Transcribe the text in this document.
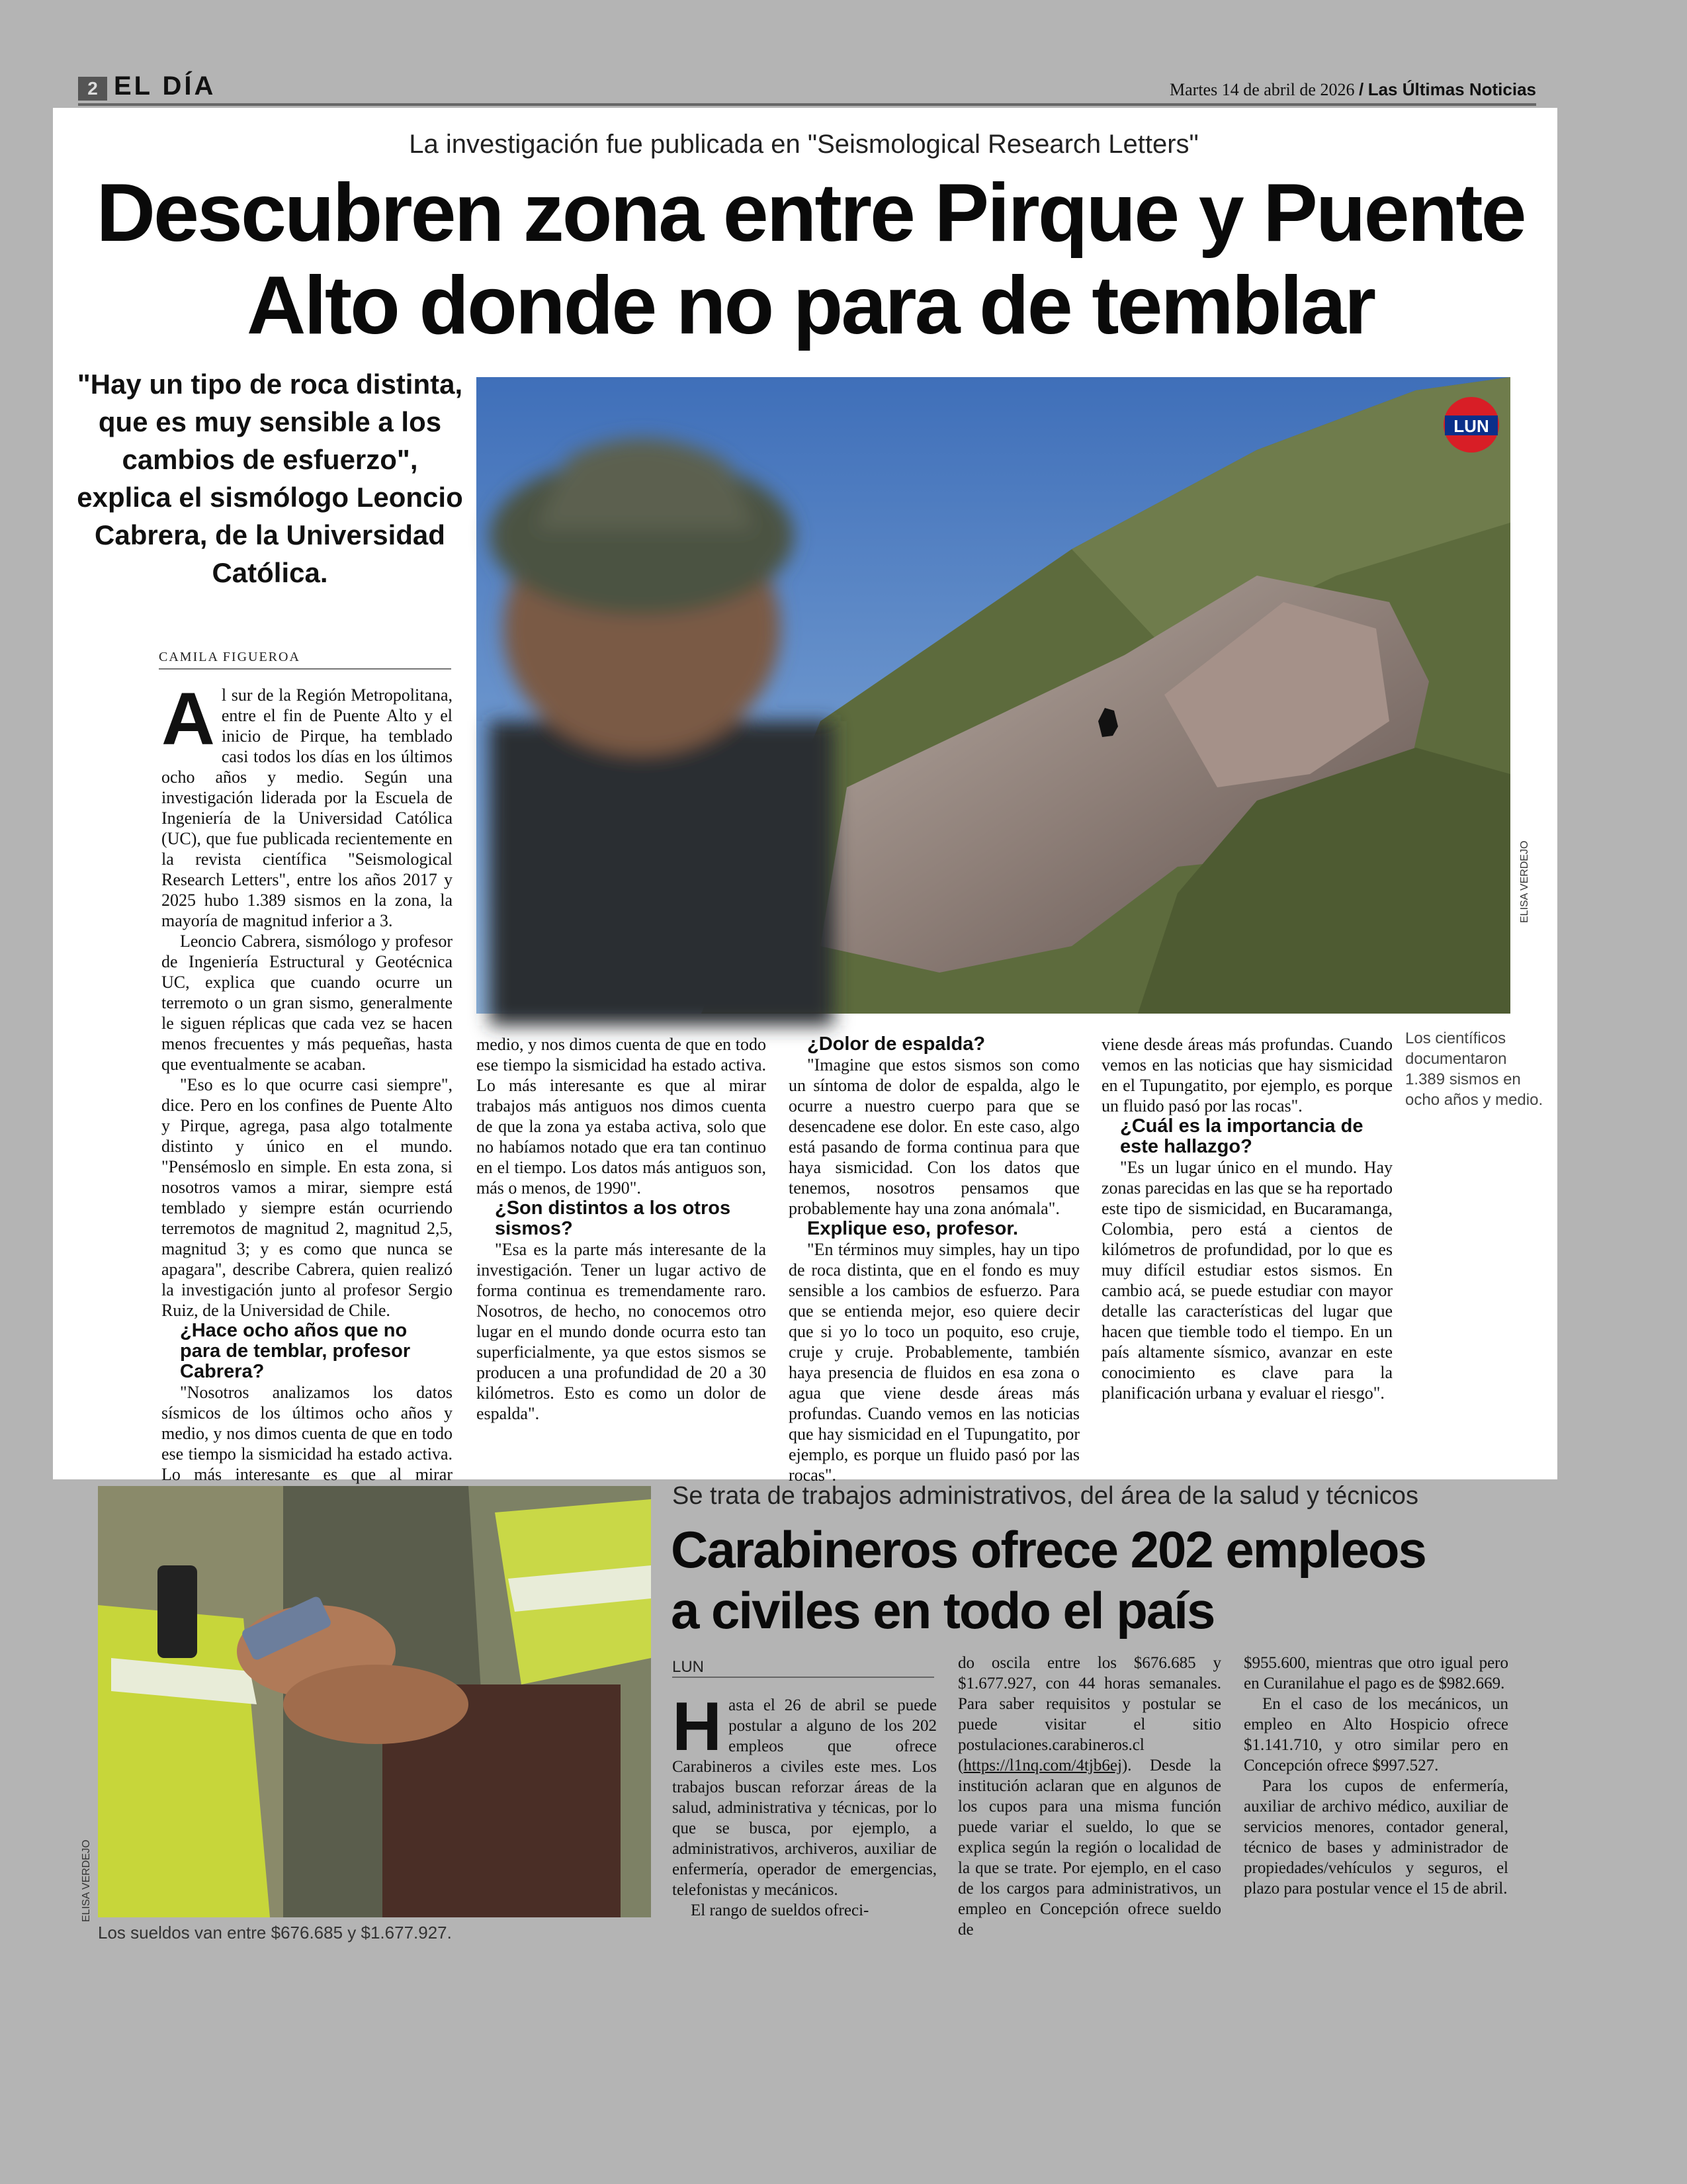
2 EL DÍA	Martes 14 de abril de 2026 / Las Últimas Noticias
La investigación fue publicada en "Seismological Research Letters"
Descubren zona entre Pirque y Puente Alto donde no para de temblar
"Hay un tipo de roca distinta, que es muy sensible a los cambios de esfuerzo", explica el sismólogo Leoncio Cabrera, de la Universidad Católica.
CAMILA FIGUEROA
LUN
ELISA VERDEJO
Los científicos documentaron 1.389 sismos en ocho años y medio.
A l sur de la Región Metropolitana, entre el fin de Puente Alto y el inicio de Pirque, ha temblado casi todos los días en los últimos ocho años y medio. Según una investigación liderada por la Escuela de Ingeniería de la Universidad Católica (UC), que fue publicada recientemente en la revista científica "Seismological Research Letters", entre los años 2017 y 2025 hubo 1.389 sismos en la zona, la mayoría de magnitud inferior a 3.

Leoncio Cabrera, sismólogo y profesor de Ingeniería Estructural y Geotécnica UC, explica que cuando ocurre un terremoto o un gran sismo, generalmente le siguen réplicas que cada vez se hacen menos frecuentes y más pequeñas, hasta que eventualmente se acaban.

"Eso es lo que ocurre casi siempre", dice. Pero en los confines de Puente Alto y Pirque, agrega, pasa algo totalmente distinto y único en el mundo. "Pensémoslo en simple. En esta zona, si nosotros vamos a mirar, siempre está temblado y siempre están ocurriendo terremotos de magnitud 2, magnitud 2,5, magnitud 3; y es como que nunca se apagara", describe Cabrera, quien realizó la investigación junto al profesor Sergio Ruiz, de la Universidad de Chile.

¿Hace ocho años que no para de temblar, profesor Cabrera?

"Nosotros analizamos los datos sísmicos de los últimos ocho años y medio, y nos dimos cuenta de que en todo ese tiempo la sismicidad ha estado activa. Lo más interesante es que al mirar

medio, y nos dimos cuenta de que en todo ese tiempo la sismicidad ha estado activa. Lo más interesante es que al mirar trabajos más antiguos nos dimos cuenta de que la zona ya estaba activa, solo que no habíamos notado que era tan continuo en el tiempo. Los datos más antiguos son, más o menos, de 1990".

¿Son distintos a los otros sismos?

"Esa es la parte más interesante de la investigación. Tener un lugar activo de forma continua es tremendamente raro. Nosotros, de hecho, no conocemos otro lugar en el mundo donde ocurra esto tan superficialmente, ya que estos sismos se producen a una profundidad de 20 a 30 kilómetros. Esto es como un dolor de espalda".

¿Dolor de espalda?

"Imagine que estos sismos son como un síntoma de dolor de espalda, algo le ocurre a nuestro cuerpo para que se desencadene ese dolor. En este caso, algo está pasando de forma continua para que haya sismicidad. Con los datos que tenemos, nosotros pensamos que probablemente hay una zona anómala".

Explique eso, profesor.

"En términos muy simples, hay un tipo de roca distinta, que en el fondo es muy sensible a los cambios de esfuerzo. Para que se entienda mejor, eso quiere decir que si yo lo toco un poquito, eso cruje, cruje y cruje. Probablemente, también haya presencia de fluidos en esa zona o agua que viene desde áreas más profundas. Cuando vemos en las noticias que hay sismicidad en el Tupungatito, por ejemplo, es porque un fluido pasó por las rocas".

viene desde áreas más profundas. Cuando vemos en las noticias que hay sismicidad en el Tupungatito, por ejemplo, es porque un fluido pasó por las rocas".

¿Cuál es la importancia de este hallazgo?

"Es un lugar único en el mundo. Hay zonas parecidas en las que se ha reportado este tipo de sismicidad, en Bucaramanga, Colombia, pero está a cientos de kilómetros de profundidad, por lo que es muy difícil estudiar estos sismos. En cambio acá, se puede estudiar con mayor detalle las características del lugar que hacen que tiemble todo el tiempo. En un país altamente sísmico, avanzar en este conocimiento es clave para la planificación urbana y evaluar el riesgo".

ELISA VERDEJO
Los sueldos van entre $676.685 y $1.677.927.
Se trata de trabajos administrativos, del área de la salud y técnicos
Carabineros ofrece 202 empleos a civiles en todo el país
LUN
H asta el 26 de abril se puede postular a alguno de los 202 empleos que ofrece Carabineros a civiles este mes. Los trabajos buscan reforzar áreas de la salud, administrativa y técnicas, por lo que se busca, por ejemplo, a administrativos, archiveros, auxiliar de enfermería, operador de emergencias, telefonistas y mecánicos.

El rango de sueldos ofreci-

do oscila entre los $676.685 y $1.677.927, con 44 horas semanales. Para saber requisitos y postular se puede visitar el sitio postulaciones.carabineros.cl (https://l1nq.com/4tjb6ej). Desde la institución aclaran que en algunos de los cupos para una misma función puede variar el sueldo, lo que se explica según la región o localidad de la que se trate. Por ejemplo, en el caso de los cargos para administrativos, un empleo en Concepción ofrece sueldo de

$955.600, mientras que otro igual pero en Curanilahue el pago es de $982.669.

En el caso de los mecánicos, un empleo en Alto Hospicio ofrece $1.141.710, y otro similar pero en Concepción ofrece $997.527.

Para los cupos de enfermería, auxiliar de archivo médico, auxiliar de servicios menores, contador general, técnico de bases y administrador de propiedades/vehículos y seguros, el plazo para postular vence el 15 de abril.
